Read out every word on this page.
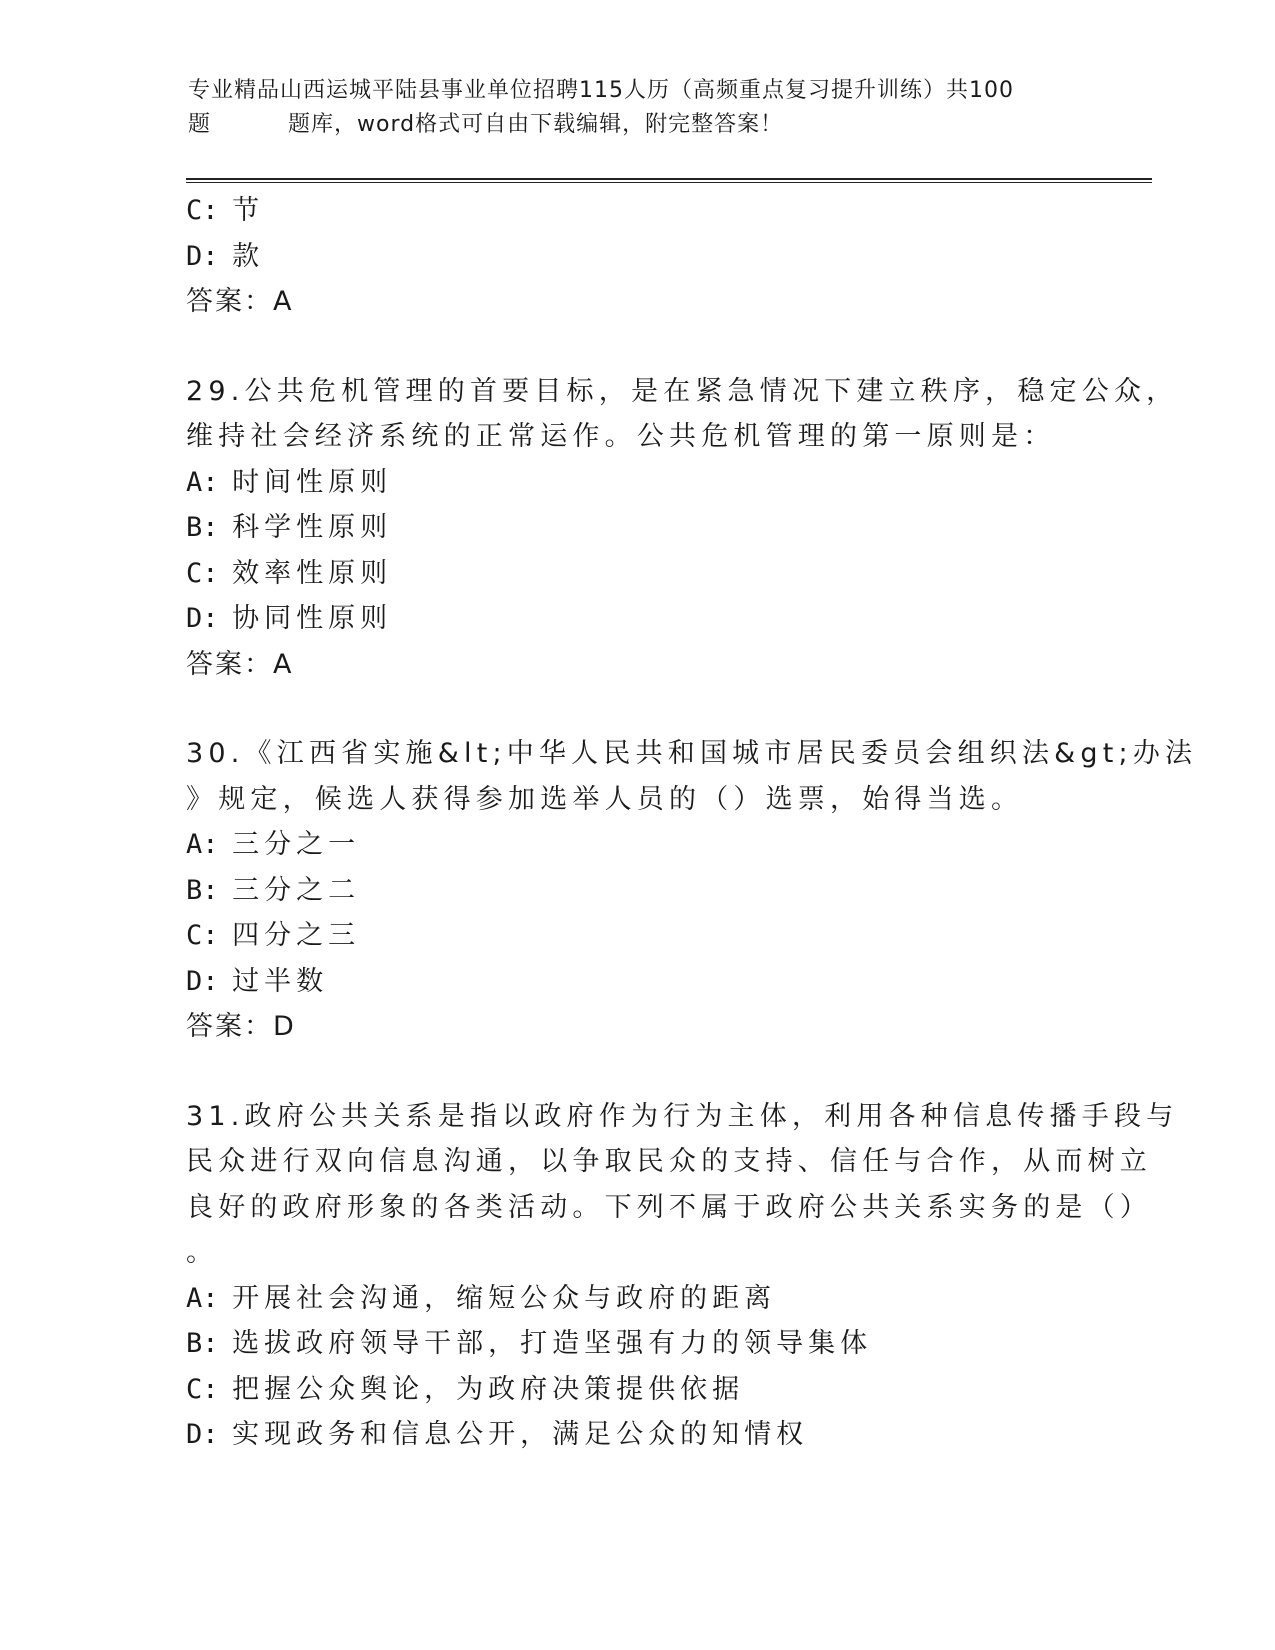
专业精品山西运城平陆县事业单位招聘115人历（高频重点复习提升训练）共100
题	题库，word格式可自由下载编辑，附完整答案！
C: 节
D: 款
答案：A
29.公共危机管理的首要目标，是在紧急情况下建立秩序，稳定公众，
维持社会经济系统的正常运作。公共危机管理的第一原则是：
A: 时间性原则
B: 科学性原则
C: 效率性原则
D: 协同性原则
答案：A
30.《江西省实施&lt;中华人民共和国城市居民委员会组织法&gt;办法
》规定，候选人获得参加选举人员的（）选票，始得当选。
A: 三分之一
B: 三分之二
C: 四分之三
D: 过半数
答案：D
31.政府公共关系是指以政府作为行为主体，利用各种信息传播手段与
民众进行双向信息沟通，以争取民众的支持、信任与合作，从而树立
良好的政府形象的各类活动。下列不属于政府公共关系实务的是（）
。
A: 开展社会沟通，缩短公众与政府的距离
B: 选拔政府领导干部，打造坚强有力的领导集体
C: 把握公众舆论，为政府决策提供依据
D: 实现政务和信息公开，满足公众的知情权
